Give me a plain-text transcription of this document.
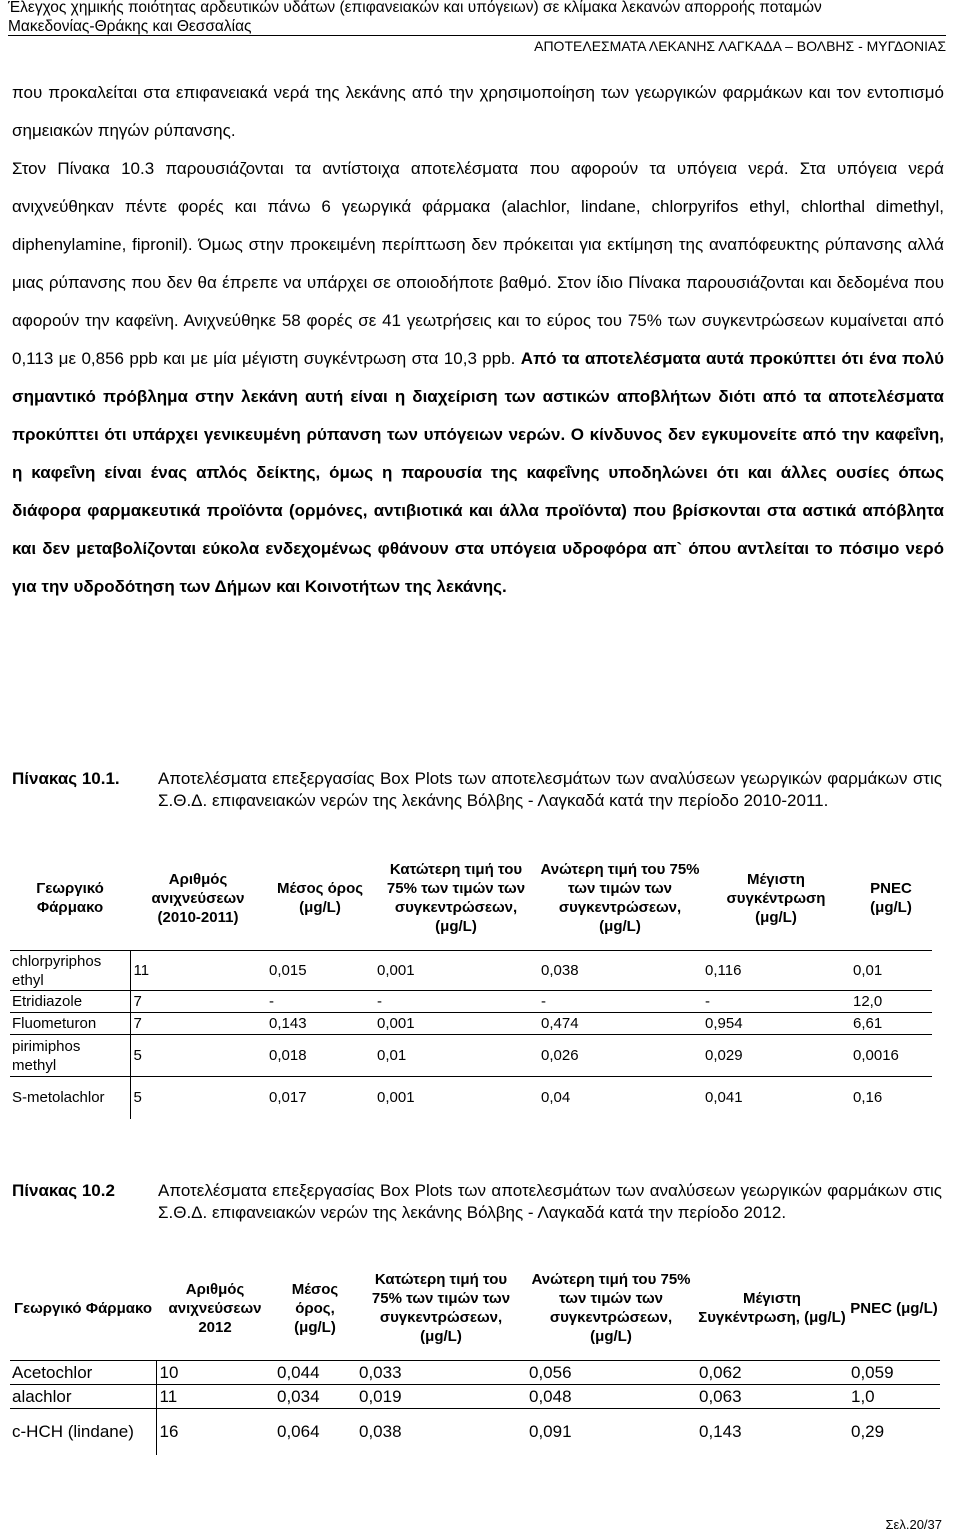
Έλεγχος χημικής ποιότητας αρδευτικών υδάτων (επιφανειακών και υπόγειων) σε κλίμακα λεκανών απορροής ποταμών
Μακεδονίας-Θράκης και Θεσσαλίας
ΑΠΟΤΕΛΕΣΜΑΤΑ ΛΕΚΑΝΗΣ ΛΑΓΚΑΔΑ – ΒΟΛΒΗΣ - ΜΥΓΔΟΝΙΑΣ

που προκαλείται στα επιφανειακά νερά της λεκάνης από την χρησιμοποίηση των γεωργικών φαρμάκων και τον εντοπισμό σημειακών πηγών ρύπανσης.

Στον Πίνακα 10.3 παρουσιάζονται τα αντίστοιχα αποτελέσματα που αφορούν τα υπόγεια νερά. Στα υπόγεια νερά ανιχνεύθηκαν πέντε φορές και πάνω 6 γεωργικά φάρμακα (alachlor, lindane, chlorpyrifos ethyl, chlorthal dimethyl, diphenylamine, fipronil). Όμως στην προκειμένη περίπτωση δεν πρόκειται για εκτίμηση της αναπόφευκτης ρύπανσης αλλά μιας ρύπανσης που δεν θα έπρεπε να υπάρχει σε οποιοδήποτε βαθμό. Στον ίδιο Πίνακα παρουσιάζονται και δεδομένα που αφορούν την καφεϊνη. Ανιχνεύθηκε 58 φορές σε 41 γεωτρήσεις και το εύρος του 75% των συγκεντρώσεων κυμαίνεται από 0,113 με 0,856 ppb και με μία μέγιστη συγκέντρωση στα 10,3 ppb. Από τα αποτελέσματα αυτά προκύπτει ότι ένα πολύ σημαντικό πρόβλημα στην λεκάνη αυτή είναι η διαχείριση των αστικών αποβλήτων διότι από τα αποτελέσματα προκύπτει ότι υπάρχει γενικευμένη ρύπανση των υπόγειων νερών. Ο κίνδυνος δεν εγκυμονείτε από την καφεΐνη, η καφεΐνη είναι ένας απλός δείκτης, όμως η παρουσία της καφεΐνης υποδηλώνει ότι και άλλες ουσίες όπως διάφορα φαρμακευτικά προϊόντα (ορμόνες, αντιβιοτικά και άλλα προϊόντα) που βρίσκονται στα αστικά απόβλητα και δεν μεταβολίζονται εύκολα ενδεχομένως φθάνουν στα υπόγεια υδροφόρα απ` όπου αντλείται το πόσιμο νερό για την υδροδότηση των Δήμων και Κοινοτήτων της λεκάνης.

Πίνακας 10.1. Αποτελέσματα επεξεργασίας Box Plots των αποτελεσμάτων των αναλύσεων γεωργικών φαρμάκων στις Σ.Θ.Δ. επιφανειακών νερών της λεκάνης Βόλβης - Λαγκαδά κατά την περίοδο 2010-2011.
Γεωργικό Φάρμακο	Αριθμός ανιχνεύσεων (2010-2011)	Μέσος όρος (μg/L)	Κατώτερη τιμή του 75% των τιμών των συγκεντρώσεων, (μg/L)	Ανώτερη τιμή του 75% των τιμών των συγκεντρώσεων, (μg/L)	Μέγιστη συγκέντρωση (μg/L)	PNEC (μg/L)
chlorpyriphos ethyl	11	0,015	0,001	0,038	0,116	0,01
Etridiazole	7	-	-	-	-	12,0
Fluometuron	7	0,143	0,001	0,474	0,954	6,61
pirimiphos methyl	5	0,018	0,01	0,026	0,029	0,0016
S-metolachlor	5	0,017	0,001	0,04	0,041	0,16
Πίνακας 10.2	Αποτελέσματα επεξεργασίας Box Plots των αποτελεσμάτων των αναλύσεων γεωργικών φαρμάκων στις Σ.Θ.Δ. επιφανειακών νερών της λεκάνης Βόλβης - Λαγκαδά κατά την περίοδο 2012.
Γεωργικό Φάρμακο	Αριθμός ανιχνεύσεων 2012	Μέσος όρος, (μg/L)	Κατώτερη τιμή του 75% των τιμών των συγκεντρώσεων, (μg/L)	Ανώτερη τιμή του 75% των τιμών των συγκεντρώσεων, (μg/L)	Μέγιστη Συγκέντρωση, (μg/L)	PNEC (μg/L)
Acetochlor	10	0,044	0,033	0,056	0,062	0,059
alachlor	11	0,034	0,019	0,048	0,063	1,0
c-HCH (lindane)	16	0,064	0,038	0,091	0,143	0,29
Σελ.20/37
